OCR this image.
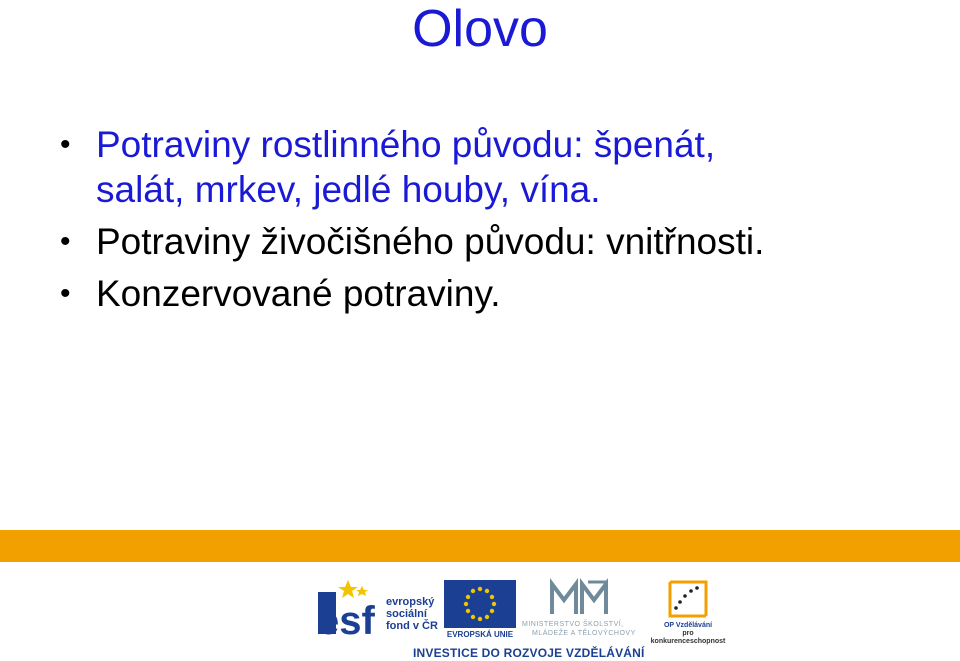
Olovo
• Potraviny rostlinného původu: špenát,
salát, mrkev, jedlé houby, vína.
• Potraviny živočišného původu: vnitřnosti.
• Konzervované potraviny.
esf evropský
sociální
fond v ČR
EVROPSKÁ UNIE
MINISTERSTVO ŠKOLSTVÍ,
MLÁDEŽE A TĚLOVÝCHOVY
OP Vzdělávání
pro konkurenceschopnost
INVESTICE DO ROZVOJE VZDĚLÁVÁNÍ
